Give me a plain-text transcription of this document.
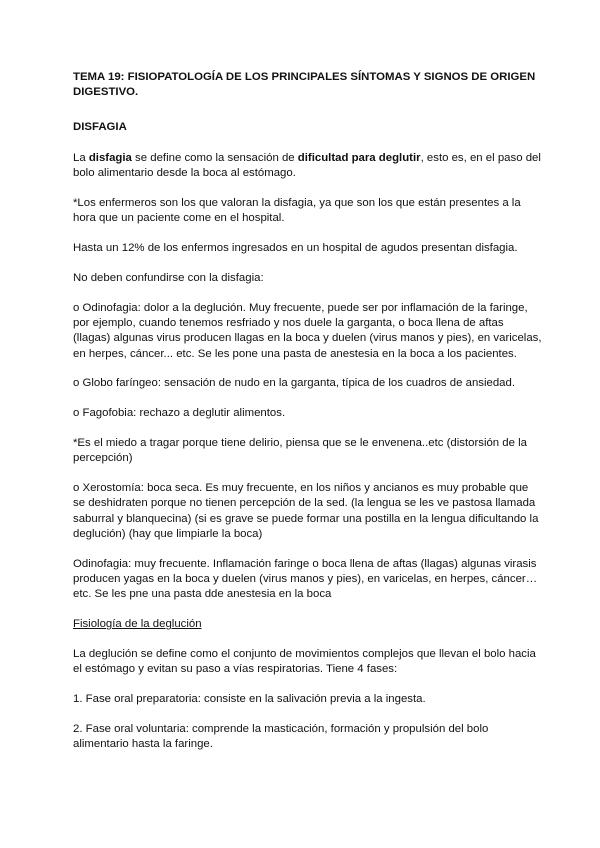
TEMA 19: FISIOPATOLOGÍA DE LOS PRINCIPALES SÍNTOMAS Y SIGNOS DE ORIGEN DIGESTIVO.

DISFAGIA

La disfagia se define como la sensación de dificultad para deglutir, esto es, en el paso del bolo alimentario desde la boca al estómago.

*Los enfermeros son los que valoran la disfagia, ya que son los que están presentes a la hora que un paciente come en el hospital.

Hasta un 12% de los enfermos ingresados en un hospital de agudos presentan disfagia.

No deben confundirse con la disfagia:

o Odinofagia: dolor a la deglución. Muy frecuente, puede ser por inflamación de la faringe, por ejemplo, cuando tenemos resfriado y nos duele la garganta, o boca llena de aftas (llagas) algunas virus producen llagas en la boca y duelen (virus manos y pies), en varicelas, en herpes, cáncer... etc. Se les pone una pasta de anestesia en la boca a los pacientes.

o Globo faríngeo: sensación de nudo en la garganta, típica de los cuadros de ansiedad.

o Fagofobia: rechazo a deglutir alimentos.

*Es el miedo a tragar porque tiene delirio, piensa que se le envenena..etc (distorsión de la percepción)

o Xerostomía: boca seca. Es muy frecuente, en los niños y ancianos es muy probable que se deshidraten porque no tienen percepción de la sed. (la lengua se les ve pastosa llamada saburral y blanquecina) (si es grave se puede formar una postilla en la lengua dificultando la deglución) (hay que limpiarle la boca)

Odinofagia: muy frecuente. Inflamación faringe o boca llena de aftas (llagas) algunas virasis producen yagas en la boca y duelen (virus manos y pies), en varicelas, en herpes, cáncer…etc. Se les pne una pasta dde anestesia en la boca

Fisiología de la deglución

La deglución se define como el conjunto de movimientos complejos que llevan el bolo hacia el estómago y evitan su paso a vías respiratorias. Tiene 4 fases:

1. Fase oral preparatoria: consiste en la salivación previa a la ingesta.

2. Fase oral voluntaria: comprende la masticación, formación y propulsión del bolo alimentario hasta la faringe.
